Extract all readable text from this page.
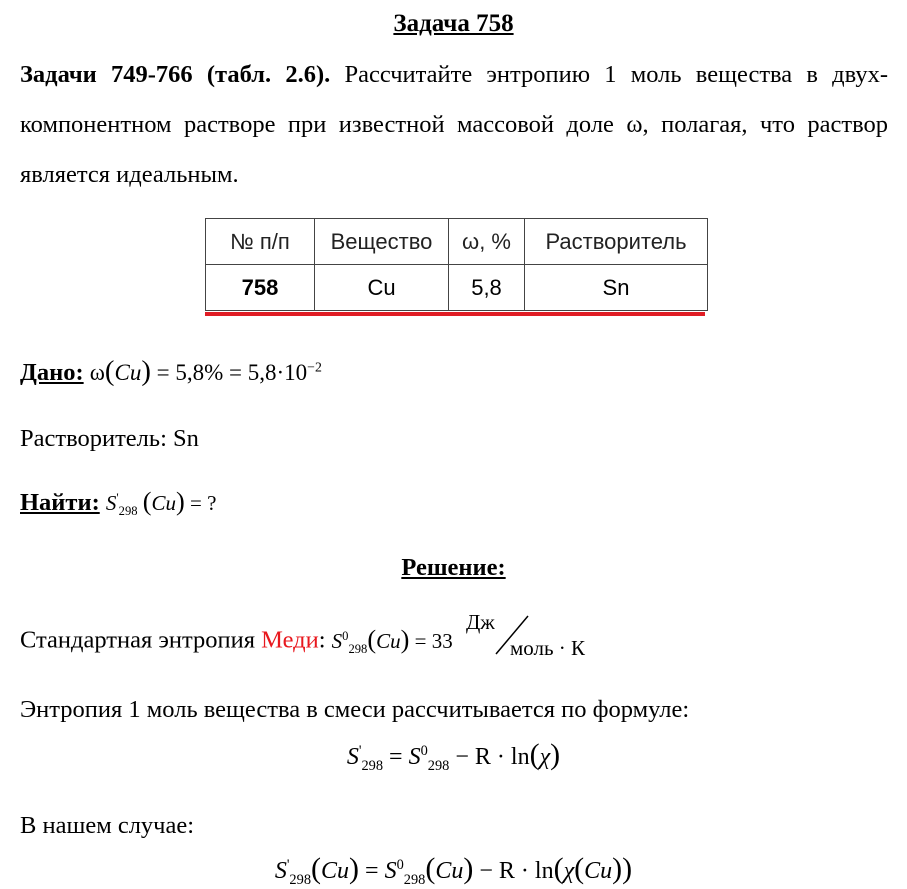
Задача 758
Задачи 749-766 (табл. 2.6). Рассчитайте энтропию 1 моль вещества в двух-компонентном растворе при известной массовой доле ω, полагая, что раствор является идеальным.
№ п/п	Вещество	ω, %	Растворитель
758	Cu	5,8	Sn
Дано: $\omega(Cu) = 5,8\% = 5,8\cdot 10^{-2}$
Растворитель: Sn
Найти: $S'_{298}$ (Cu) = ?
Решение:
Стандартная энтропия Меди: $S^0_{298}(Cu) = 33$
Дж
моль · К
Энтропия 1 моль вещества в смеси рассчитывается по формуле:
$S'_{298} = S^0_{298} - R \cdot \ln(\chi)$
В нашем случае:
$S'_{298}(Cu) = S^0_{298}(Cu) - R \cdot \ln(\chi(Cu))$
